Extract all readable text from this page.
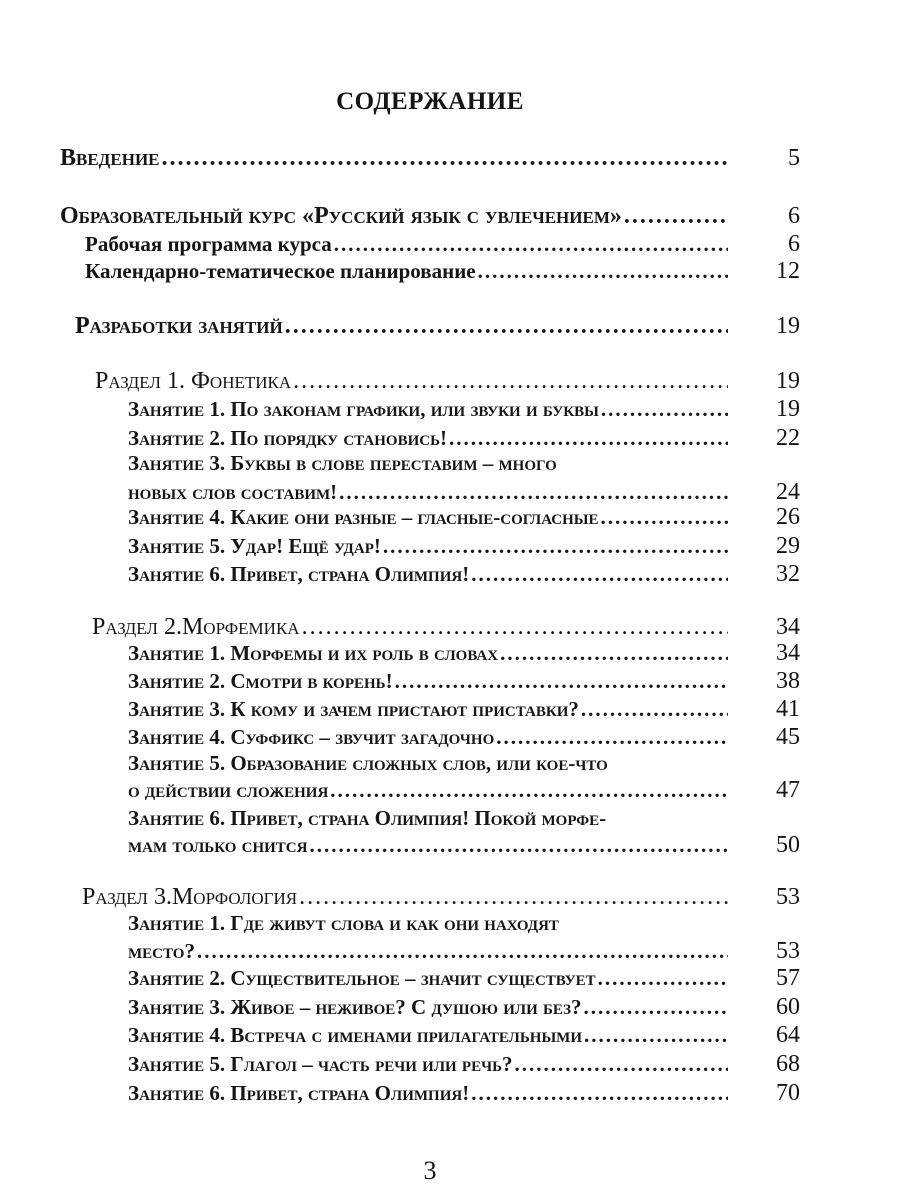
СОДЕРЖАНИЕ
Введение .....	5
Образовательный курс «Русский язык с увлечением» .....	6
Рабочая программа курса .....	6
Календарно-тематическое планирование .....	12
Разработки занятий .....	19
Раздел 1. Фонетика .....	19
Занятие 1. По законам графики, или звуки и буквы .....	19
Занятие 2. По порядку становись! .....	22
Занятие 3. Буквы в слове переставим – много
новых слов составим! .....	24
Занятие 4. Какие они разные – гласные-согласные .....	26
Занятие 5. Удар! Ещё удар! .....	29
Занятие 6. Привет, страна Олимпия! .....	32
Раздел 2.Морфемика .....	34
Занятие 1. Морфемы и их роль в словах .....	34
Занятие 2. Смотри в корень! .....	38
Занятие 3. К кому и зачем пристают приставки? .....	41
Занятие 4. Суффикс – звучит загадочно .....	45
Занятие 5. Образование сложных слов, или кое-что
о действии сложения .....	47
Занятие 6. Привет, страна Олимпия! Покой морфе-
мам только снится .....	50
Раздел 3.Морфология .....	53
Занятие 1. Где живут слова и как они находят
место? .....	53
Занятие 2. Существительное – значит существует .....	57
Занятие 3. Живое – неживое? С душою или без? .....	60
Занятие 4. Встреча с именами прилагательными .....	64
Занятие 5. Глагол – часть речи или речь? .....	68
Занятие 6. Привет, страна Олимпия! .....	70
3
